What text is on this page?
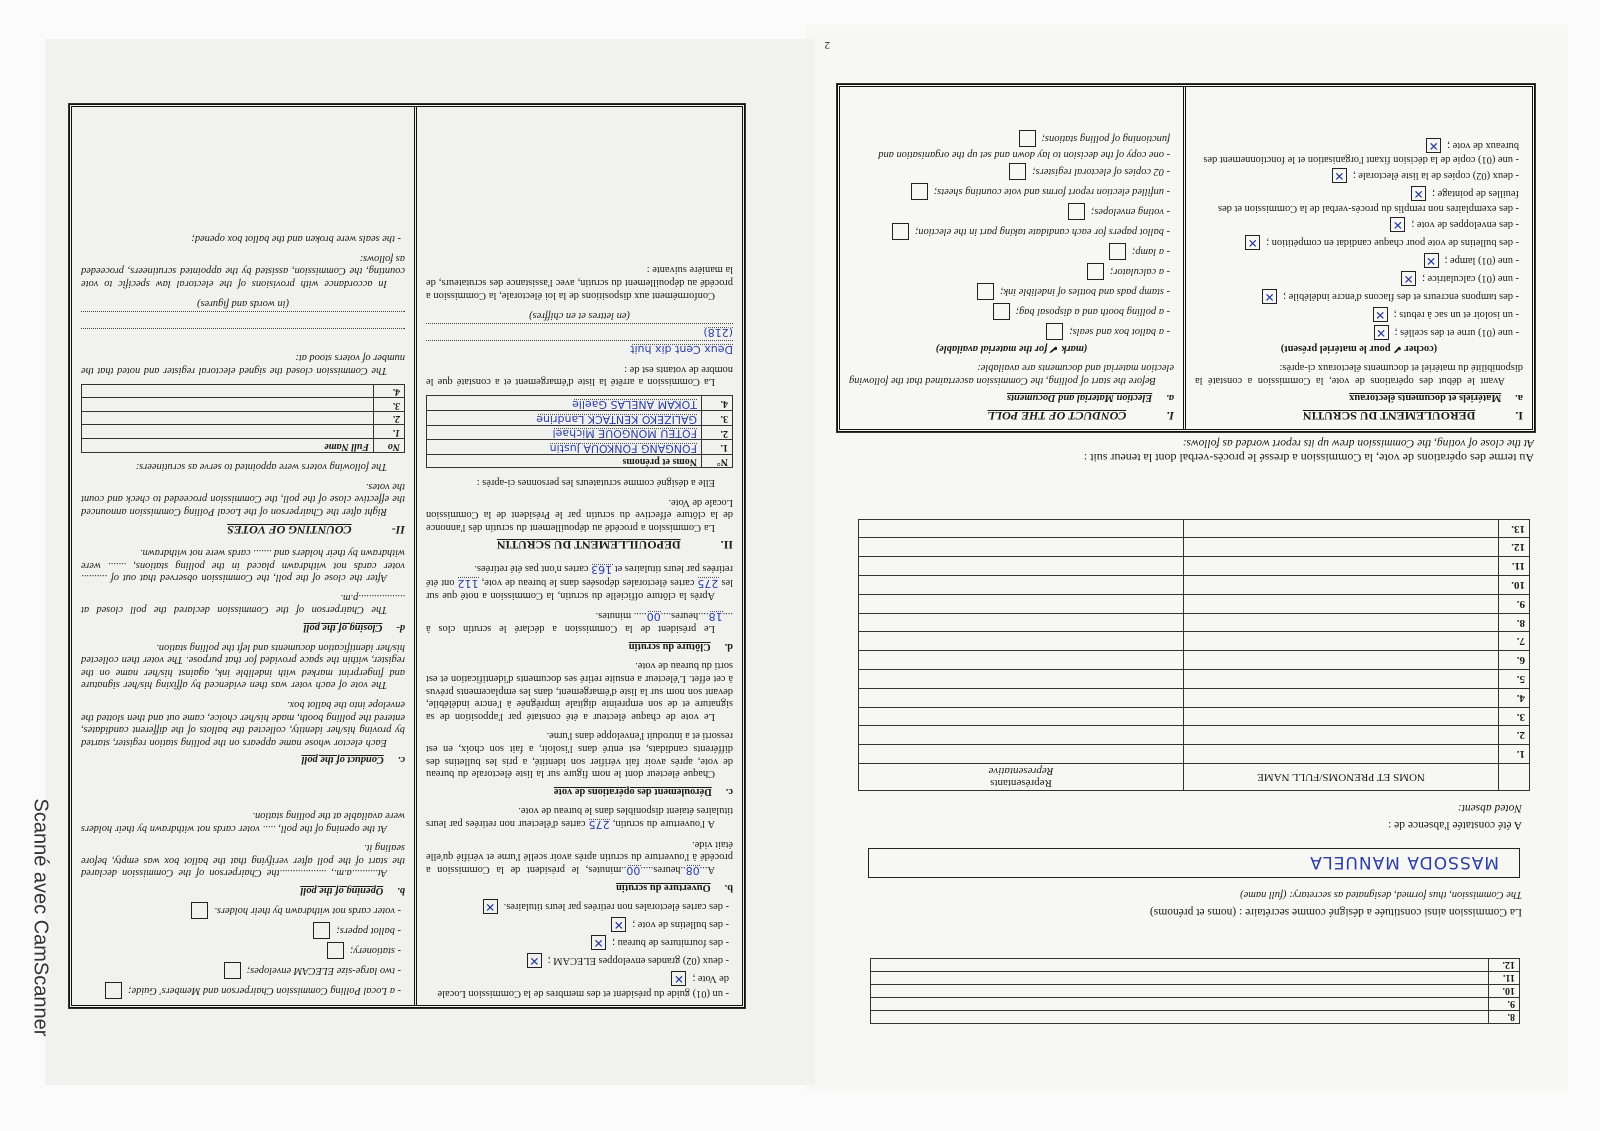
2
8.	
9.	
10.	
11.	
12.	
La Commission ainsi constituée a désigné comme secrétaire : (noms et prénoms)
The Commission, thus formed, designated as secretary: (full name)
MASSODA MANUELA
A été constatée l'absence de :
Noted absent:
	NOMS ET PRENOMS/FULL NAME	Représentants
Representative
1.		
2.		
3.		
4.		
5.		
6.		
7.		
8.		
9.		
10.		
11.		
12.		
13.		
Au terme des opérations de vote, la Commission a dressé le procès-verbal dont la teneur suit :
At the close of voting, the Commission drew up its report worded as follows:
I.
DEROULEMENT DU SCRUTIN
a.
Matériels et documents électoraux

Avant le début des opérations de vote, la Commission a constaté la disponibilité du matériel et documents électoraux ci-après:

(cocher ✔ pour le matériel présent)
- une (01) urne et des scellés ;✕
- un isoloir et un sac à rebuts ;✕
- des tampons encreurs et des flacons d'encre indélébile ;✕
- une (01) calculatrice ;✕
- une (01) lampe ;✕
- des bulletins de vote pour chaque candidat en compétition ;✕
- des enveloppes de vote ;✕
- des exemplaires non remplis du procès-verbal de la Commission et des feuilles de pointage ;✕
- deux (02) copies de la liste électorale ;✕
- une (01) copie de la décision fixant l'organisation et le fonctionnement des bureaux de vote ;✕
I.
CONDUCT OF THE POLL
a.
Election Material and Documents

Before the start of polling, the Commission ascertained that the following election material and documents are available:

(mark ✔ for the material available)
- a ballot box and seals;
- a polling booth and a disposal bag;
- stamp pads and bottles of indelible ink;
- a calculator;
- a lamp;
- ballot papers for each candidate taking part in the election;
- voting envelopes;
- unfilled election report forms and vote counting sheets;
- 02 copies of electoral registers;
- one copy of the decision to lay down and set up the organisation and functioning of polling stations;
- un (01) guide du président et des membres de la Commission Locale de Vote ;✕
- deux (02) grandes enveloppes ELECAM ;✕
- des fournitures de bureau ;✕
- des bulletins de vote ;✕
- des cartes électorales non retirées par leurs titulaires.✕
b.
Ouverture du scrutin

A...08..heures.....00..minutes, le président de la Commission a procédé à l'ouverture du scrutin après avoir scellé l'urne et vérifié qu'elle était vide.

A l'ouverture du scrutin, 275 cartes d'électeur non retirées par leurs titulaires étaient disponibles dans le bureau de vote.

c.
Déroulement des opérations de vote

Chaque électeur dont le nom figure sur la liste électorale du bureau de vote, après avoir fait vérifier son identité, a pris les bulletins des différents candidats, est entré dans l'isoloir, a fait son choix, en est ressorti et a introduit l'enveloppe dans l'urne.

Le vote de chaque électeur a été constaté par l'apposition de sa signature et de son empreinte digitale imprégnée à l'encre indélébile, devant son nom sur la liste d'émargement, dans les emplacements prévus à cet effet. L'électeur a ensuite retiré ses documents d'identification et est sorti du bureau de vote.

d.
Clôture du scrutin

Le président de la Commission a déclaré le scrutin clos à ....18....heures....00..... minutes.

Après la clôture officielle du scrutin, la Commission a noté que sur les 275 cartes électorales déposées dans le bureau de vote, 112 ont été retirées par leurs titulaires et 163 cartes n'ont pas été retirées.

II.
DEPOUILLEMENT DU SCRUTIN

La Commission a procédé au dépouillement du scrutin dès l'annonce de la clôture effective du scrutin par le Président de la Commission Locale de Vote.

Elle a désigné comme scrutateurs les personnes ci-après :

N°	Noms et prénoms
1.	FONGANG FONKOUA Justin
2.	FOTEU MONGOUE Michael
3.	GALIZEKO KENTACK Landrine
4.	TOKAM ANELAS Gaelle

La Commission a arrêté la liste d'émargement et a constaté que le nombre de votants est de :

Deux Cent dix huit
(218)
(en lettres et en chiffres)

Conformément aux dispositions de la loi électorale, la Commission a procédé au dépouillement du scrutin, avec l'assistance des scrutateurs, de la manière suivante :

- a Local Polling Commission Chairperson and Members' Guide;
- two large-size ELECAM envelopes;
- stationery;
- ballot papers;
- voter cards not withdrawn by their holders.
b.
Opening of the poll

At..........a.m., ..................the Chairperson of the Commission declared the start of the poll after verifying that the ballot box was empty, before sealing it.

At the opening of the poll, ..... voter cards not withdrawn by their holders were available at the polling station.

c.
Conduct of the poll

Each elector whose name appears on the polling station register, started by proving his/her identity, collected the ballots of the different candidates, entered the polling booth, made his/her choice, came out and then slotted the envelope into the ballot box.

The vote of each voter was then evidenced by affixing his/her signature and fingerprint marked with indelible ink, against his/her name on the register, within the space provided for that purpose. The voter then collected his/her identification documents and left the polling station.

d-
Closing of the poll

The Chairperson of the Commission declared the poll closed at ..................p.m.

After the close of the poll, the Commission observed that out of .......... voter cards not withdrawn placed in the polling stations, ....... were withdrawn by their holders and ....... cards were not withdrawn.

II-
COUNTING OF VOTES

Right after the Chairperson of the Local Polling Commission announced the effective close of the poll, the Commission proceeded to check and count the votes.

The following voters were appointed to serve as scrutineers:

No	Full Name
1.	
2.	
3.	
4.	

The Commission closed the signed electoral register and noted that the number of voters stood at:

(in words and figures)

In accordance with provisions of the electoral law specific to vote counting, the Commission, assisted by the appointed scrutineers, proceeded as follows:

- the seals were broken and the ballot box opened;
Scanné avec CamScanner
